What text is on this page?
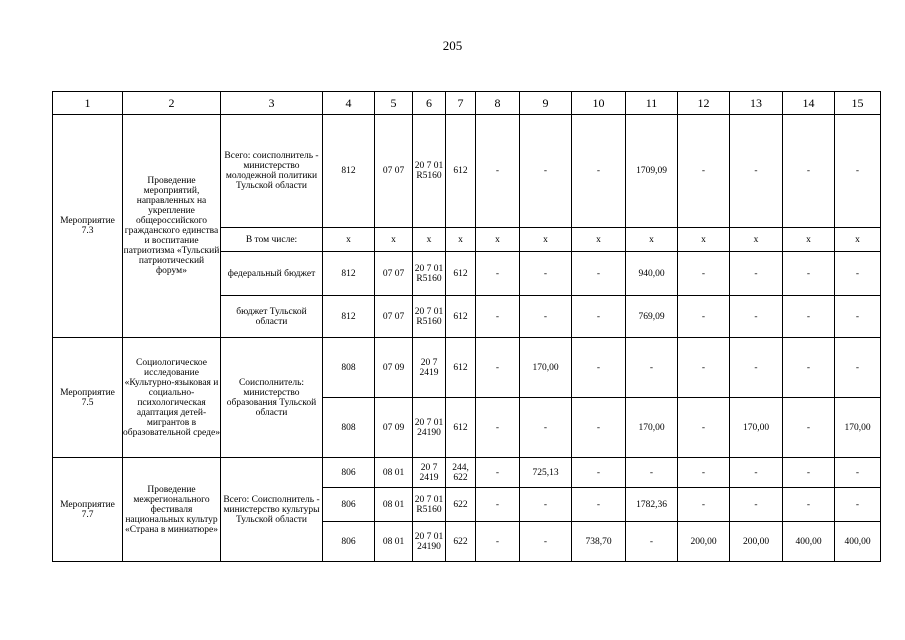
205
1	2	3	4	5	6	7	8	9	10	11	12	13	14	15
Мероприятие 7.3	Проведение мероприятий, направленных на укрепление общероссийского гражданского единства и воспитание патриотизма «Тульский патриотический форум»	Всего: соисполнитель - министерство молодежной политики Тульской области	812	07 07	20 7 01 R5160	612	-	-	-	1709,09	-	-	-	-
		В том числе:	x	x	x	x	x	x	x	x	x	x	x	x
		федеральный бюджет	812	07 07	20 7 01 R5160	612	-	-	-	940,00	-	-	-	-
		бюджет Тульской области	812	07 07	20 7 01 R5160	612	-	-	-	769,09	-	-	-	-
Мероприятие 7.5	Социологическое исследование «Культурно-языковая и социально-психологическая адаптация детей-мигрантов в образовательной среде»	Соисполнитель: министерство образования Тульской области	808	07 09	20 7 2419	612	-	170,00	-	-	-	-	-	-
			808	07 09	20 7 01 24190	612	-	-	-	170,00	-	170,00	-	170,00
Мероприятие 7.7	Проведение межрегионального фестиваля национальных культур «Страна в миниатюре»	Всего: Соисполнитель - министерство культуры Тульской области	806	08 01	20 7 2419	244, 622	-	725,13	-	-	-	-	-	-
			806	08 01	20 7 01 R5160	622	-	-	-	1782,36	-	-	-	-
			806	08 01	20 7 01 24190	622	-	-	738,70	-	200,00	200,00	400,00	400,00
